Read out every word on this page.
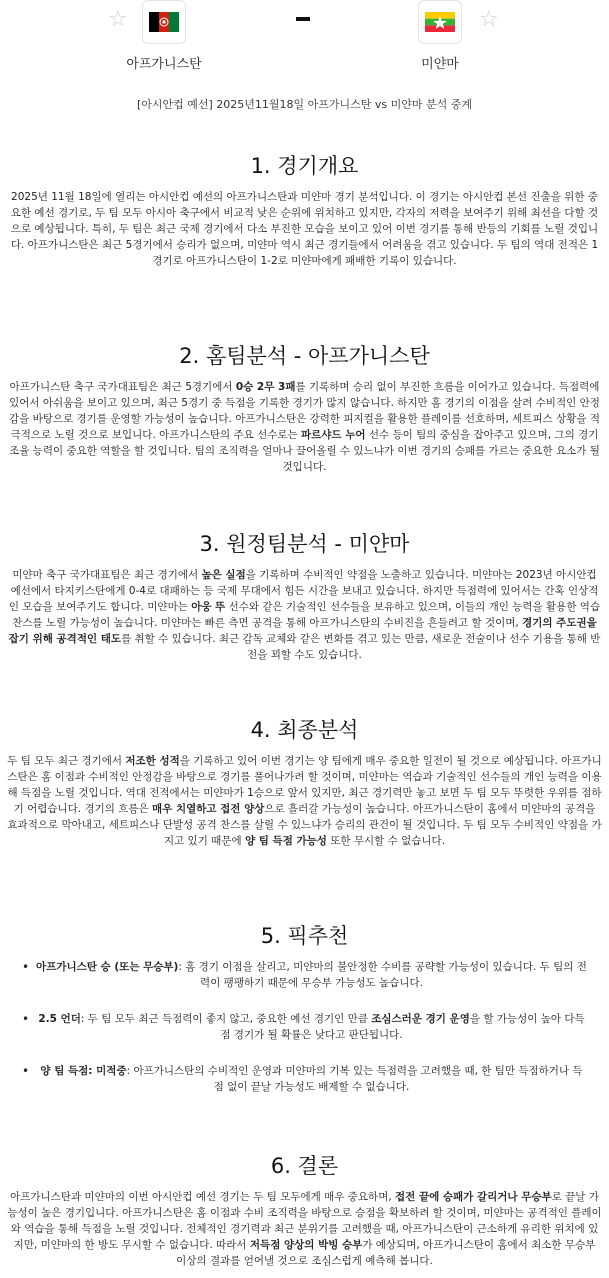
☆
아프가니스탄	미얀마
☆
[아시안컵 예선] 2025년11월18일 아프가니스탄 vs 미얀마 분석 중계
1. 경기개요

2025년 11월 18일에 열리는 아시안컵 예선의 아프가니스탄과 미얀마 경기 분석입니다. 이 경기는 아시안컵 본선 진출을 위한 중요한 예선 경기로, 두 팀 모두 아시아 축구에서 비교적 낮은 순위에 위치하고 있지만, 각자의 저력을 보여주기 위해 최선을 다할 것으로 예상됩니다. 특히, 두 팀은 최근 국제 경기에서 다소 부진한 모습을 보이고 있어 이번 경기를 통해 반등의 기회를 노릴 것입니다. 아프가니스탄은 최근 5경기에서 승리가 없으며, 미얀마 역시 최근 경기들에서 어려움을 겪고 있습니다. 두 팀의 역대 전적은 1경기로 아프가니스탄이 1-2로 미얀마에게 패배한 기록이 있습니다.

2. 홈팀분석 - 아프가니스탄

아프가니스탄 축구 국가대표팀은 최근 5경기에서 0승 2무 3패를 기록하며 승리 없이 부진한 흐름을 이어가고 있습니다. 득점력에 있어서 아쉬움을 보이고 있으며, 최근 5경기 중 득점을 기록한 경기가 많지 않습니다. 하지만 홈 경기의 이점을 살려 수비적인 안정감을 바탕으로 경기를 운영할 가능성이 높습니다. 아프가니스탄은 강력한 피지컬을 활용한 플레이를 선호하며, 세트피스 상황을 적극적으로 노릴 것으로 보입니다. 아프가니스탄의 주요 선수로는 파르샤드 누어 선수 등이 팀의 중심을 잡아주고 있으며, 그의 경기 조율 능력이 중요한 역할을 할 것입니다. 팀의 조직력을 얼마나 끌어올릴 수 있느냐가 이번 경기의 승패를 가르는 중요한 요소가 될 것입니다.

3. 원정팀분석 - 미얀마

미얀마 축구 국가대표팀은 최근 경기에서 높은 실점을 기록하며 수비적인 약점을 노출하고 있습니다. 미얀마는 2023년 아시안컵 예선에서 타지키스탄에게 0-4로 대패하는 등 국제 무대에서 힘든 시간을 보내고 있습니다. 하지만 득점력에 있어서는 간혹 인상적인 모습을 보여주기도 합니다. 미얀마는 아웅 뚜 선수와 같은 기술적인 선수들을 보유하고 있으며, 이들의 개인 능력을 활용한 역습 찬스를 노릴 가능성이 높습니다. 미얀마는 빠른 측면 공격을 통해 아프가니스탄의 수비진을 흔들려고 할 것이며, 경기의 주도권을 잡기 위해 공격적인 태도를 취할 수 있습니다. 최근 감독 교체와 같은 변화를 겪고 있는 만큼, 새로운 전술이나 선수 기용을 통해 반전을 꾀할 수도 있습니다.

4. 최종분석

두 팀 모두 최근 경기에서 저조한 성적을 기록하고 있어 이번 경기는 양 팀에게 매우 중요한 일전이 될 것으로 예상됩니다. 아프가니스탄은 홈 이점과 수비적인 안정감을 바탕으로 경기를 풀어나가려 할 것이며, 미얀마는 역습과 기술적인 선수들의 개인 능력을 이용해 득점을 노릴 것입니다. 역대 전적에서는 미얀마가 1승으로 앞서 있지만, 최근 경기력만 놓고 보면 두 팀 모두 뚜렷한 우위를 점하기 어렵습니다. 경기의 흐름은 매우 치열하고 접전 양상으로 흘러갈 가능성이 높습니다. 아프가니스탄이 홈에서 미얀마의 공격을 효과적으로 막아내고, 세트피스나 단발성 공격 찬스를 살릴 수 있느냐가 승리의 관건이 될 것입니다. 두 팀 모두 수비적인 약점을 가지고 있기 때문에 양 팀 득점 가능성 또한 무시할 수 없습니다.

5. 픽추천
• 아프가니스탄 승 (또는 무승부): 홈 경기 이점을 살리고, 미얀마의 불안정한 수비를 공략할 가능성이 있습니다. 두 팀의 전력이 팽팽하기 때문에 무승부 가능성도 높습니다.
• 2.5 언더: 두 팀 모두 최근 득점력이 좋지 않고, 중요한 예선 경기인 만큼 조심스러운 경기 운영을 할 가능성이 높아 다득점 경기가 될 확률은 낮다고 판단됩니다.
• 양 팀 득점: 미적중: 아프가니스탄의 수비적인 운영과 미얀마의 기복 있는 득점력을 고려했을 때, 한 팀만 득점하거나 득점 없이 끝날 가능성도 배제할 수 없습니다.
6. 결론

아프가니스탄과 미얀마의 이번 아시안컵 예선 경기는 두 팀 모두에게 매우 중요하며, 접전 끝에 승패가 갈리거나 무승부로 끝날 가능성이 높은 경기입니다. 아프가니스탄은 홈 이점과 수비 조직력을 바탕으로 승점을 확보하려 할 것이며, 미얀마는 공격적인 플레이와 역습을 통해 득점을 노릴 것입니다. 전체적인 경기력과 최근 분위기를 고려했을 때, 아프가니스탄이 근소하게 유리한 위치에 있지만, 미얀마의 한 방도 무시할 수 없습니다. 따라서 저득점 양상의 박빙 승부가 예상되며, 아프가니스탄이 홈에서 최소한 무승부 이상의 결과를 얻어낼 것으로 조심스럽게 예측해 봅니다.
